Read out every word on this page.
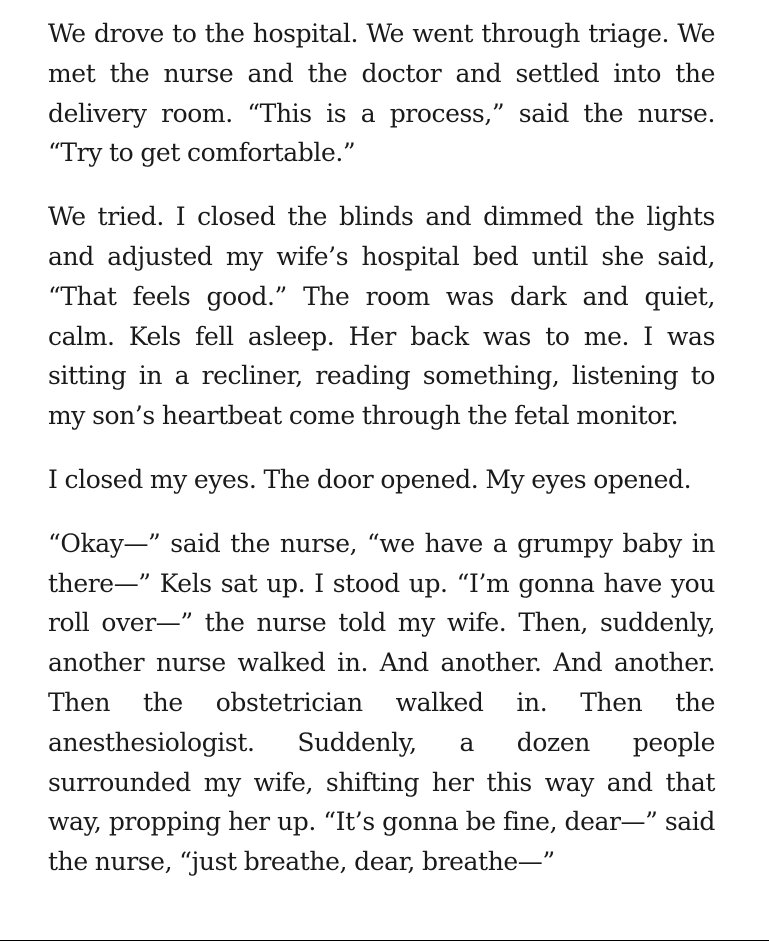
We drove to the hospital. We went through triage. We met the nurse and the doctor and settled into the delivery room. “This is a process,” said the nurse. “Try to get comfortable.”

We tried. I closed the blinds and dimmed the lights and adjusted my wife’s hospital bed until she said, “That feels good.” The room was dark and quiet, calm. Kels fell asleep. Her back was to me. I was sitting in a recliner, reading something, listening to my son’s heartbeat come through the fetal monitor.

I closed my eyes. The door opened. My eyes opened.

“Okay—” said the nurse, “we have a grumpy baby in there—” Kels sat up. I stood up. “I’m gonna have you roll over—” the nurse told my wife. Then, suddenly, another nurse walked in. And another. And another. Then the obstetrician walked in. Then the anesthesiologist. Suddenly, a dozen people surrounded my wife, shifting her this way and that way, propping her up. “It’s gonna be fine, dear—” said the nurse, “just breathe, dear, breathe—”
